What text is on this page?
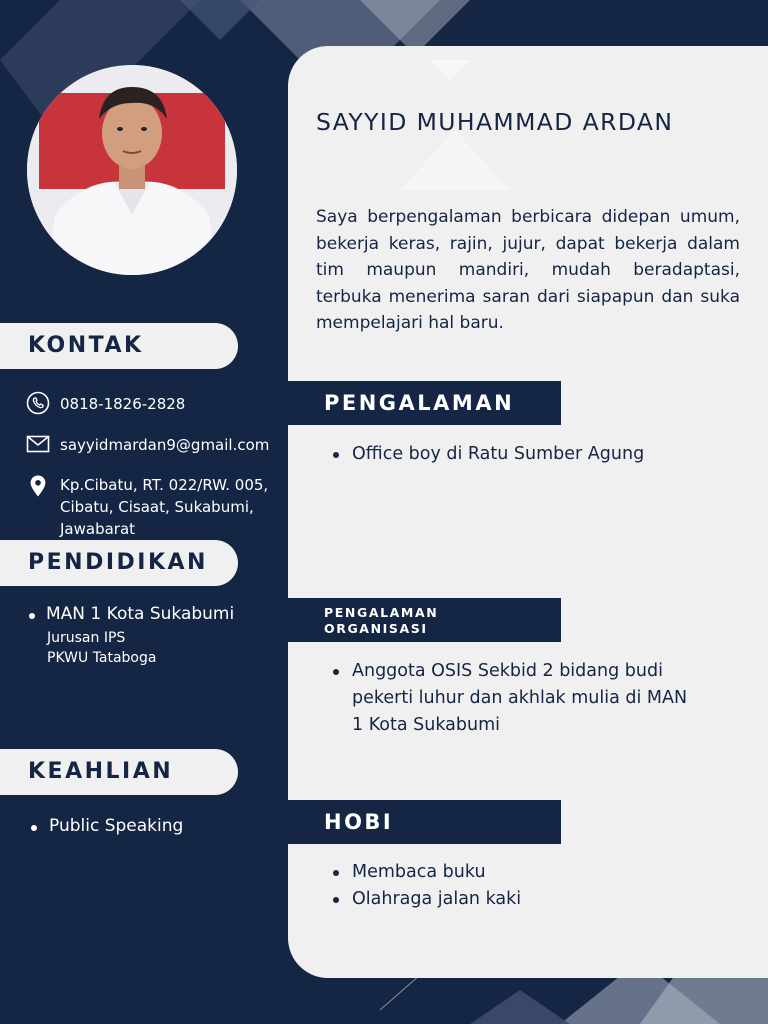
KONTAK
0818-1826-2828
sayyidmardan9@gmail.com
Kp.Cibatu, RT. 022/RW. 005,
Cibatu, Cisaat, Sukabumi,
Jawabarat
PENDIDIKAN
MAN 1 Kota Sukabumi
Jurusan IPS
PKWU Tataboga
KEAHLIAN
Public Speaking
SAYYID MUHAMMAD ARDAN
Saya berpengalaman berbicara didepan umum, bekerja keras, rajin, jujur, dapat bekerja dalam tim maupun mandiri, mudah beradaptasi, terbuka menerima saran dari siapapun dan suka mempelajari hal baru.
PENGALAMAN
Office boy di Ratu Sumber Agung
PENGALAMAN
ORGANISASI
Anggota OSIS Sekbid 2 bidang budi
pekerti luhur dan akhlak mulia di MAN
1 Kota Sukabumi
HOBI
Membaca buku
Olahraga jalan kaki
